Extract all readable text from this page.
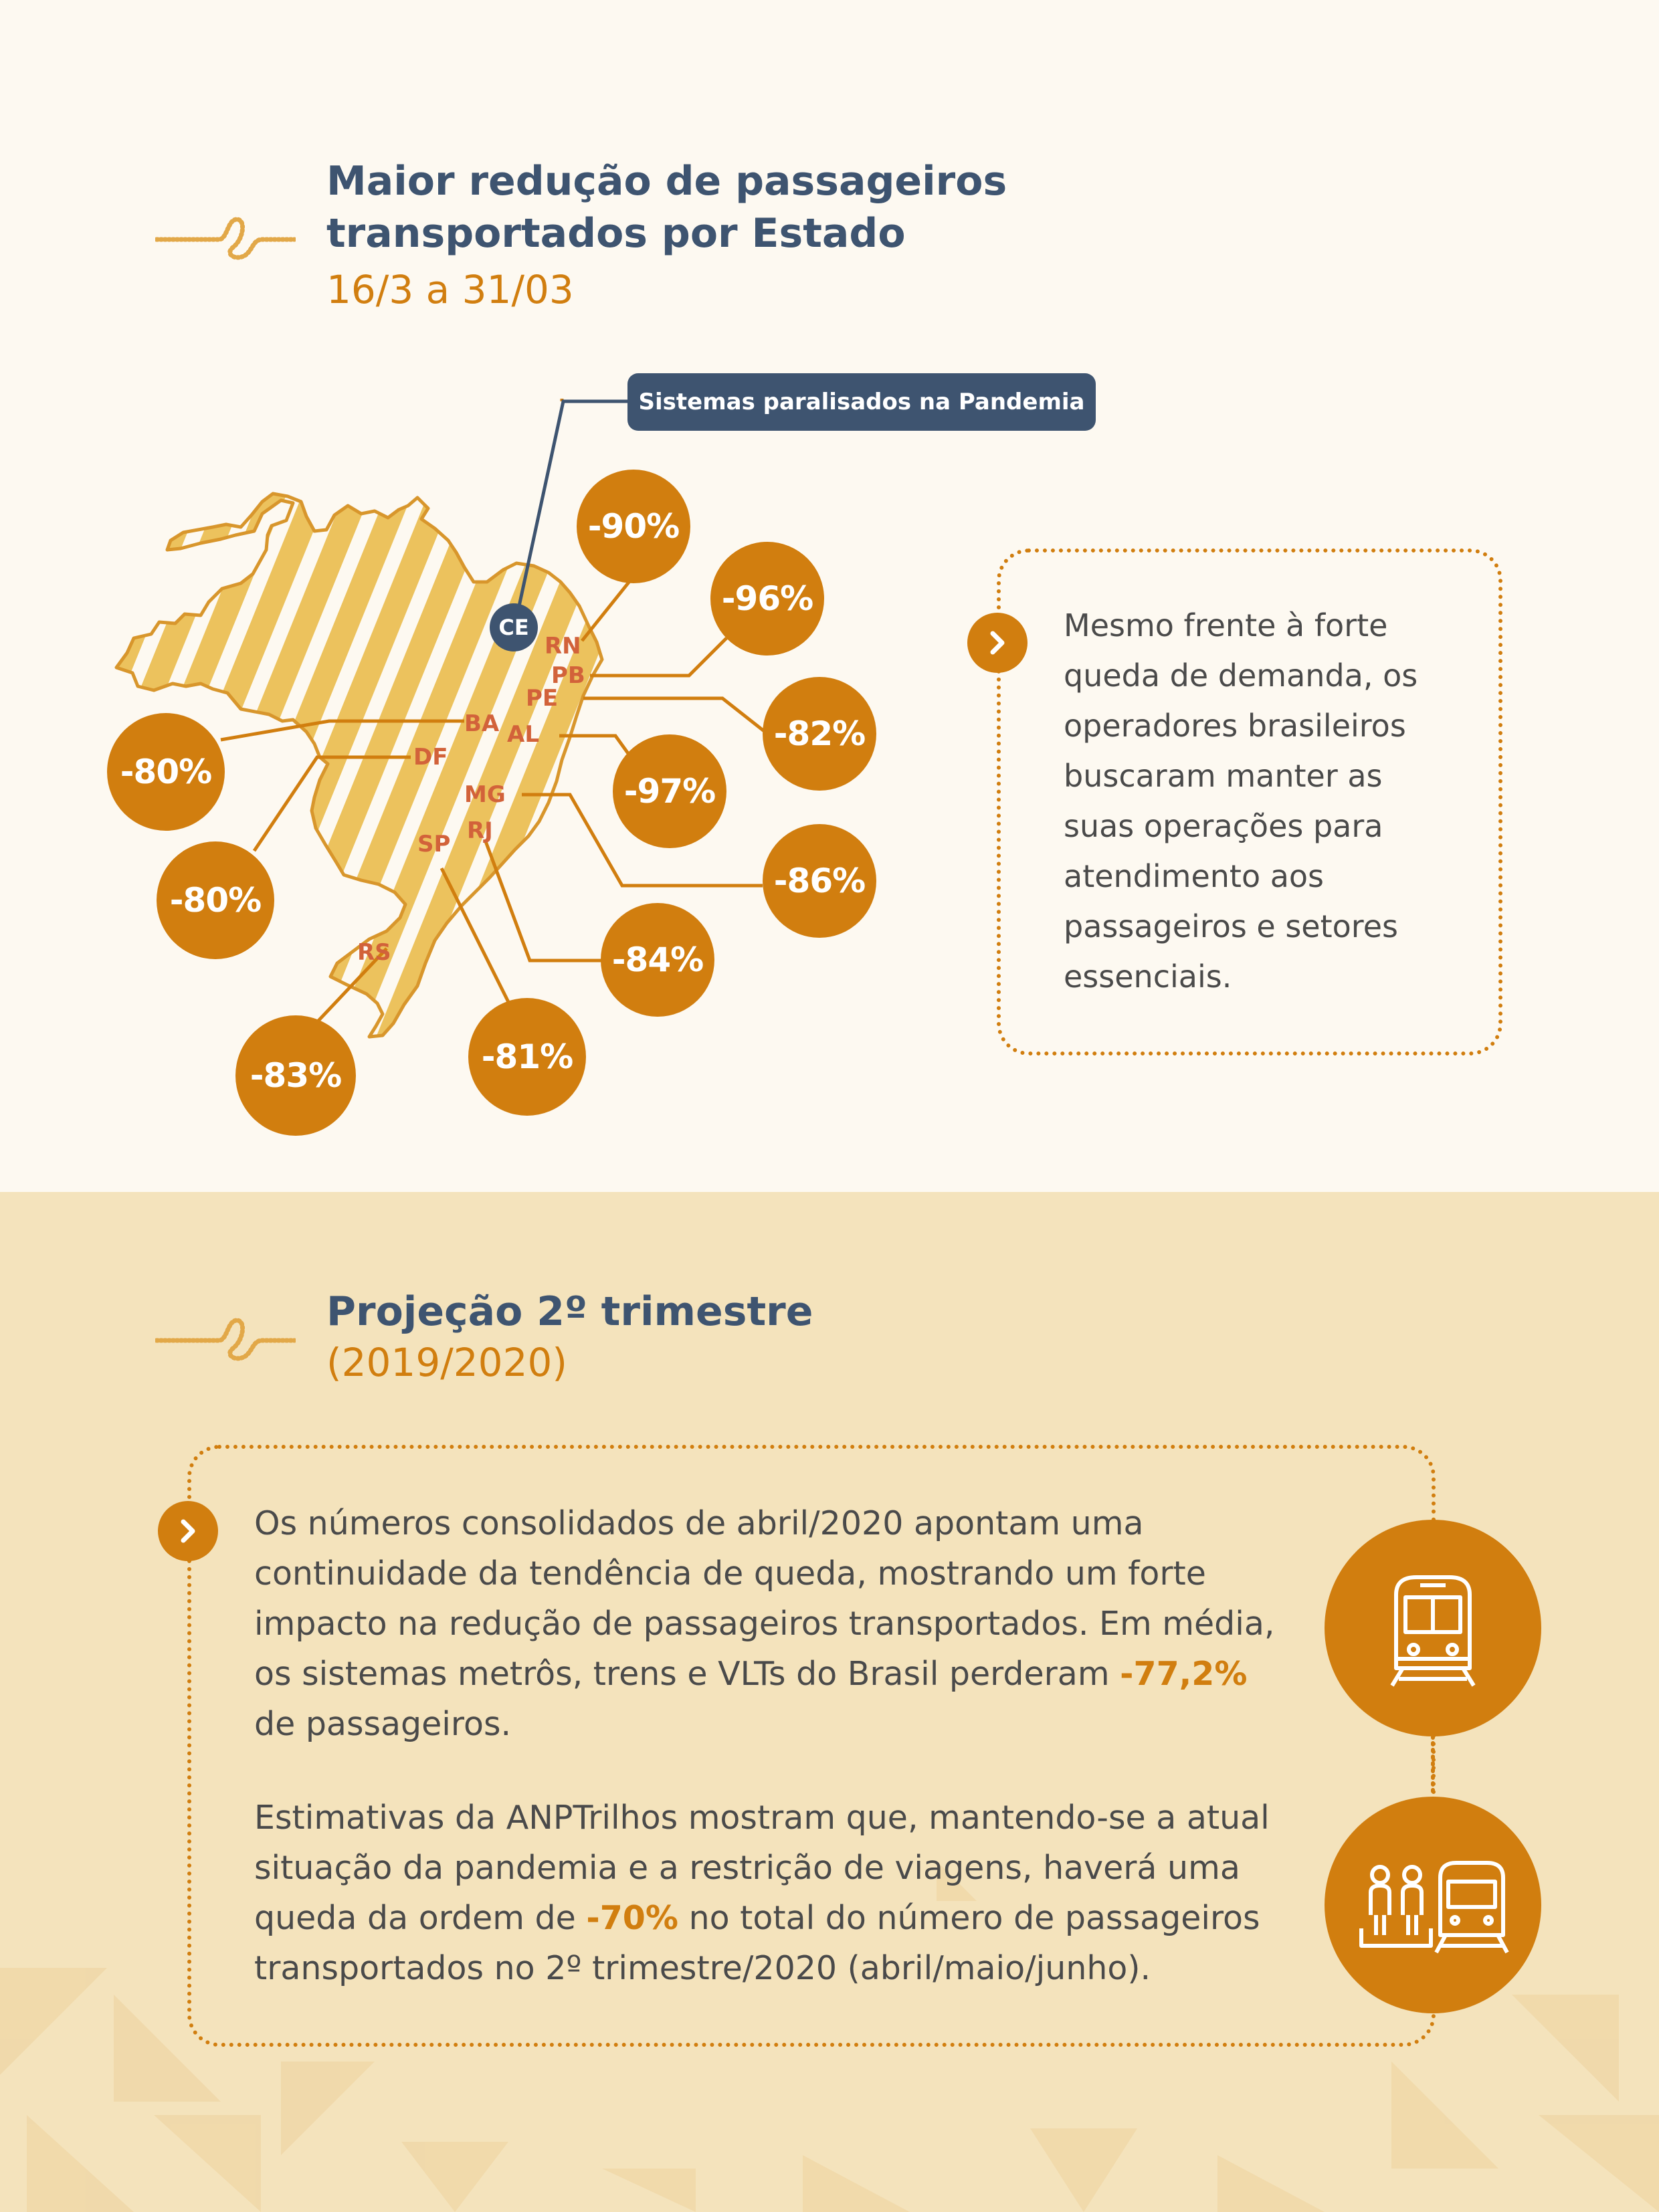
Maior redução de passageiros
transportados por Estado
16/3 a 31/03
Sistemas paralisados na Pandemia
CE
RN
PB
PE
AL
MG
RJ
SP
RS
DF
BA
-90%
-96%
-82%
-97%
-86%
-84%
-81%
-83%
-80%
-80%
Mesmo frente à forte queda de demanda, os operadores brasileiros buscaram manter as suas operações para atendimento aos passageiros e setores essenciais.
Projeção 2º trimestre
(2019/2020)
Os números consolidados de abril/2020 apontam uma continuidade da tendência de queda, mostrando um forte impacto na redução de passageiros transportados. Em média, os sistemas metrôs, trens e VLTs do Brasil perderam -77,2% de passageiros.
Estimativas da ANPTrilhos mostram que, mantendo-se a atual situação da pandemia e a restrição de viagens, haverá uma queda da ordem de -70% no total do número de passageiros transportados no 2º trimestre/2020 (abril/maio/junho).
